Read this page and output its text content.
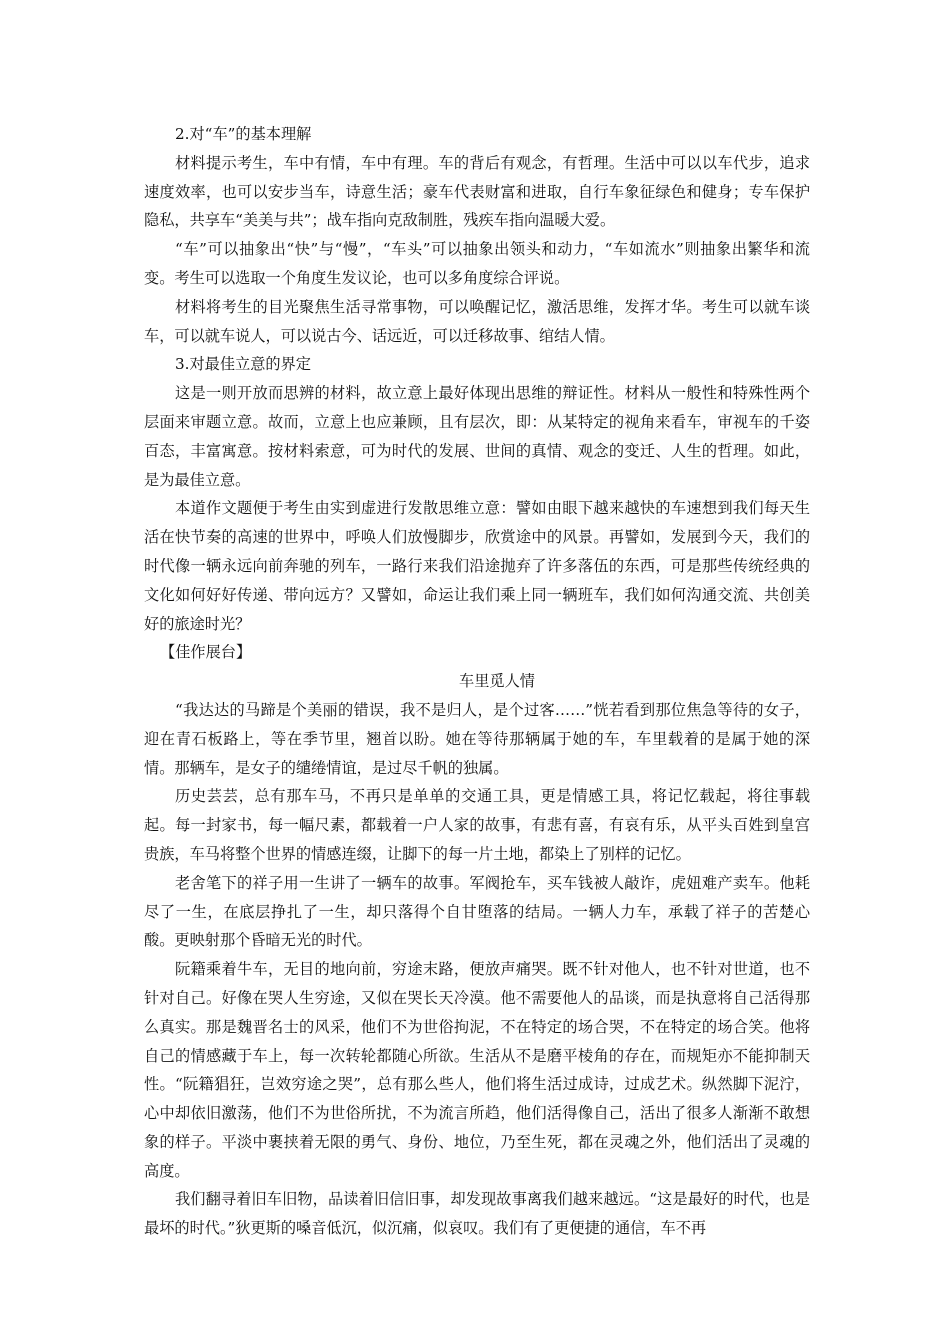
2.对“车”的基本理解

材料提示考生，车中有情，车中有理。车的背后有观念，有哲理。生活中可以以车代步，追求速度效率，也可以安步当车，诗意生活；豪车代表财富和进取，自行车象征绿色和健身；专车保护隐私，共享车“美美与共”；战车指向克敌制胜，残疾车指向温暖大爱。

“车”可以抽象出“快”与“慢”，“车头”可以抽象出领头和动力，“车如流水”则抽象出繁华和流变。考生可以选取一个角度生发议论，也可以多角度综合评说。

材料将考生的目光聚焦生活寻常事物，可以唤醒记忆，激活思维，发挥才华。考生可以就车谈车，可以就车说人，可以说古今、话远近，可以迁移故事、绾结人情。

3.对最佳立意的界定

这是一则开放而思辨的材料，故立意上最好体现出思维的辩证性。材料从一般性和特殊性两个层面来审题立意。故而，立意上也应兼顾，且有层次，即：从某特定的视角来看车，审视车的千姿百态，丰富寓意。按材料索意，可为时代的发展、世间的真情、观念的变迁、人生的哲理。如此，是为最佳立意。

本道作文题便于考生由实到虚进行发散思维立意：譬如由眼下越来越快的车速想到我们每天生活在快节奏的高速的世界中，呼唤人们放慢脚步，欣赏途中的风景。再譬如，发展到今天，我们的时代像一辆永远向前奔驰的列车，一路行来我们沿途抛弃了许多落伍的东西，可是那些传统经典的文化如何好好传递、带向远方？又譬如，命运让我们乘上同一辆班车，我们如何沟通交流、共创美好的旅途时光？

【佳作展台】

车里觅人情

“我达达的马蹄是个美丽的错误，我不是归人，是个过客……”恍若看到那位焦急等待的女子，迎在青石板路上，等在季节里，翘首以盼。她在等待那辆属于她的车，车里载着的是属于她的深情。那辆车，是女子的缱绻情谊，是过尽千帆的独属。

历史芸芸，总有那车马，不再只是单单的交通工具，更是情感工具，将记忆载起，将往事载起。每一封家书，每一幅尺素，都载着一户人家的故事，有悲有喜，有哀有乐，从平头百姓到皇宫贵族，车马将整个世界的情感连缀，让脚下的每一片土地，都染上了别样的记忆。

老舍笔下的祥子用一生讲了一辆车的故事。军阀抢车，买车钱被人敲诈，虎妞难产卖车。他耗尽了一生，在底层挣扎了一生，却只落得个自甘堕落的结局。一辆人力车，承载了祥子的苦楚心酸。更映射那个昏暗无光的时代。

阮籍乘着牛车，无目的地向前，穷途末路，便放声痛哭。既不针对他人，也不针对世道，也不针对自己。好像在哭人生穷途，又似在哭长天冷漠。他不需要他人的品谈，而是执意将自己活得那么真实。那是魏晋名士的风采，他们不为世俗拘泥，不在特定的场合哭，不在特定的场合笑。他将自己的情感藏于车上，每一次转轮都随心所欲。生活从不是磨平棱角的存在，而规矩亦不能抑制天性。“阮籍猖狂，岂效穷途之哭”，总有那么些人，他们将生活过成诗，过成艺术。纵然脚下泥泞，心中却依旧激荡，他们不为世俗所扰，不为流言所趋，他们活得像自己，活出了很多人渐渐不敢想象的样子。平淡中裹挟着无限的勇气、身份、地位，乃至生死，都在灵魂之外，他们活出了灵魂的高度。

我们翻寻着旧车旧物，品读着旧信旧事，却发现故事离我们越来越远。“这是最好的时代，也是最坏的时代。”狄更斯的嗓音低沉，似沉痛，似哀叹。我们有了更便捷的通信，车不再
